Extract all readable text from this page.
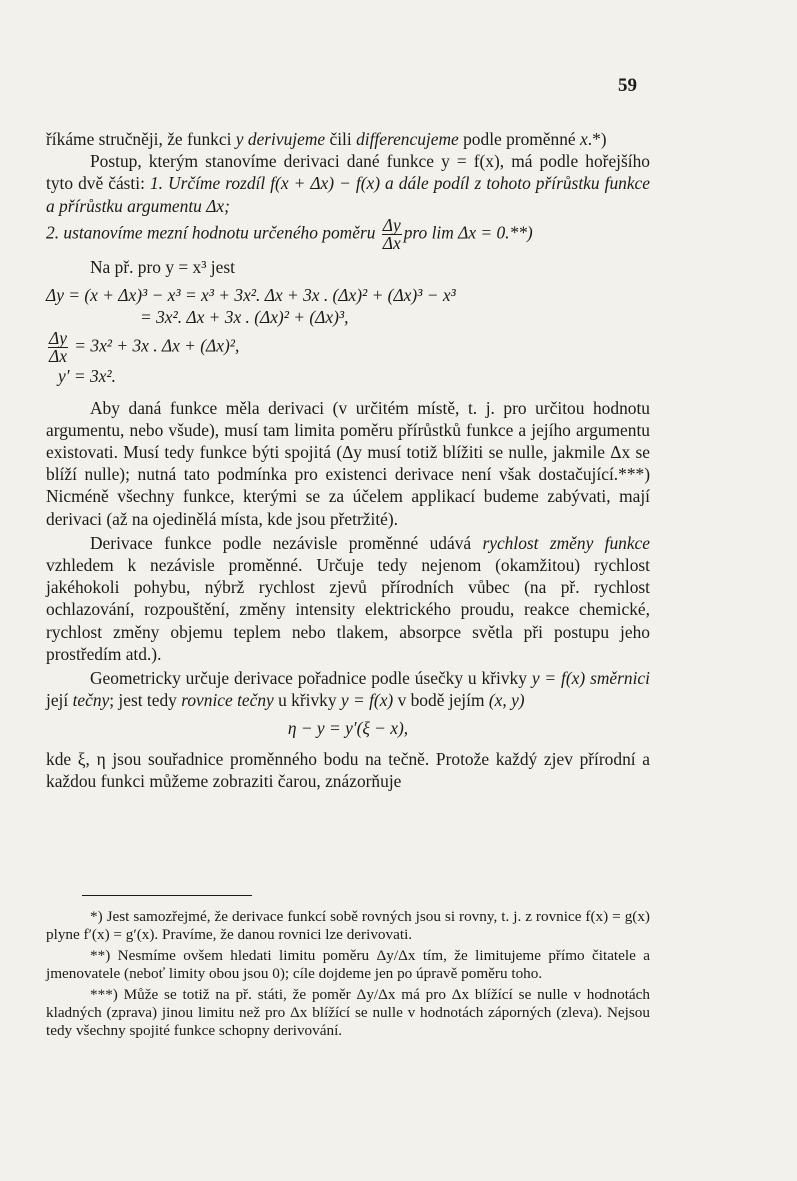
59

říkáme stručněji, že funkci y derivujeme čili differencujeme podle proměnné x.*)

Postup, kterým stanovíme derivaci dané funkce y = f(x), má podle hořejšího tyto dvě části: 1. Určíme rozdíl f(x + Δx) − f(x) a dále podíl z tohoto přírůstku funkce a přírůstku argumentu Δx;

2. ustanovíme mezní hodnotu určeného poměru $\frac{\Delta y}{\Delta x}$ pro lim Δx = 0.**)

Na př. pro y = x³ jest

Δy = (x + Δx)³ − x³ = x³ + 3x². Δx + 3x . (Δx)² + (Δx)³ − x³

= 3x². Δx + 3x . (Δx)² + (Δx)³,

$\frac{\Delta y}{\Delta x} = 3x^2 + 3x$ . Δx + (Δx)²,

y′ = 3x².

Aby daná funkce měla derivaci (v určitém místě, t. j. pro určitou hodnotu argumentu, nebo všude), musí tam limita poměru přírůstků funkce a jejího argumentu existovati. Musí tedy funkce býti spojitá (Δy musí totiž blížiti se nulle, jakmile Δx se blíží nulle); nutná tato podmínka pro existenci derivace není však dostačující.***) Nicméně všechny funkce, kterými se za účelem applikací budeme zabývati, mají derivaci (až na ojedinělá místa, kde jsou přetržité).

Derivace funkce podle nezávisle proměnné udává rychlost změny funkce vzhledem k nezávisle proměnné. Určuje tedy nejenom (okamžitou) rychlost jakéhokoli pohybu, nýbrž rychlost zjevů přírodních vůbec (na př. rychlost ochlazování, rozpouštění, změny intensity elektrického proudu, reakce chemické, rychlost změny objemu teplem nebo tlakem, absorpce světla při postupu jeho prostředím atd.).

Geometricky určuje derivace pořadnice podle úsečky u křivky y = f(x) směrnici její tečny; jest tedy rovnice tečny u křivky y = f(x) v bodě jejím (x, y)

η − y = y′(ξ − x),

kde ξ, η jsou souřadnice proměnného bodu na tečně. Protože každý zjev přírodní a každou funkci můžeme zobraziti čarou, znázorňuje

*) Jest samozřejmé, že derivace funkcí sobě rovných jsou si rovny, t. j. z rovnice f(x) = g(x) plyne f′(x) = g′(x). Pravíme, že danou rovnici lze derivovati.

**) Nesmíme ovšem hledati limitu poměru Δy/Δx tím, že limitujeme přímo čitatele a jmenovatele (neboť limity obou jsou 0); cíle dojdeme jen po úpravě poměru toho.

***) Může se totiž na př. státi, že poměr Δy/Δx má pro Δx blížící se nulle v hodnotách kladných (zprava) jinou limitu než pro Δx blížící se nulle v hodnotách záporných (zleva). Nejsou tedy všechny spojité funkce schopny derivování.
